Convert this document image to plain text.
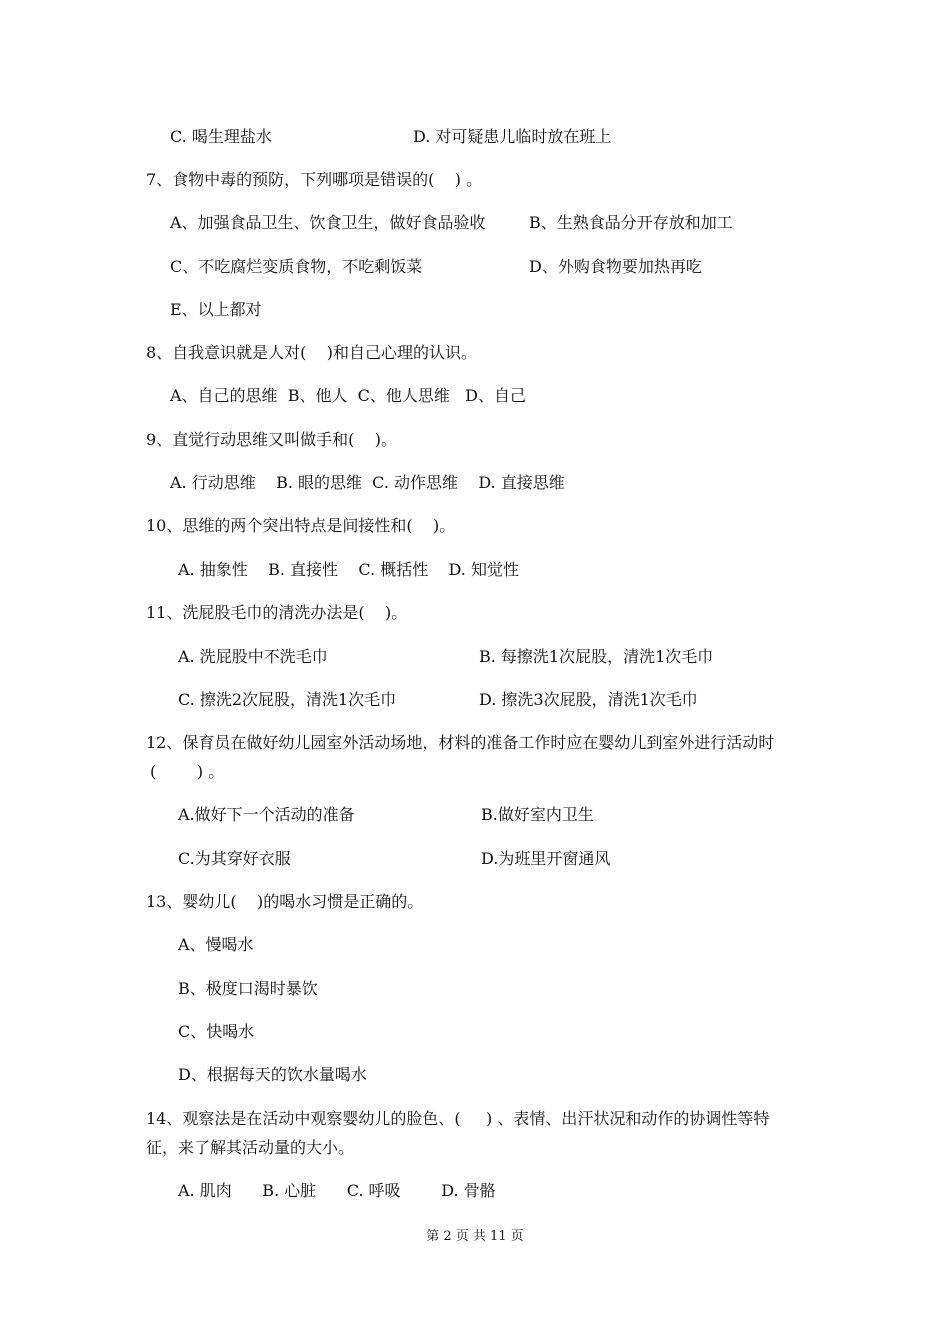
C. 喝生理盐水	D. 对可疑患儿临时放在班上
7、食物中毒的预防，下列哪项是错误的(    ) 。
A、加强食品卫生、饮食卫生，做好食品验收	B、生熟食品分开存放和加工
C、不吃腐烂变质食物，不吃剩饭菜	D、外购食物要加热再吃
E、以上都对
8、自我意识就是人对(    )和自己心理的认识。
A、自己的思维  B、他人  C、他人思维   D、自己
9、直觉行动思维又叫做手和(    )。
A. 行动思维    B. 眼的思维  C. 动作思维    D. 直接思维
10、思维的两个突出特点是间接性和(    )。
A. 抽象性    B. 直接性    C. 概括性    D. 知觉性
11、洗屁股毛巾的清洗办法是(    )。
A. 洗屁股中不洗毛巾	B. 每擦洗1次屁股，清洗1次毛巾
C. 擦洗2次屁股，清洗1次毛巾	D. 擦洗3次屁股，清洗1次毛巾
12、保育员在做好幼儿园室外活动场地，材料的准备工作时应在婴幼儿到室外进行活动时
(        ) 。
A.做好下一个活动的准备	B.做好室内卫生
C.为其穿好衣服	D.为班里开窗通风
13、婴幼儿(    )的喝水习惯是正确的。
A、慢喝水
B、极度口渴时暴饮
C、快喝水
D、根据每天的饮水量喝水
14、观察法是在活动中观察婴幼儿的脸色、(     ) 、表情、出汗状况和动作的协调性等特
征，来了解其活动量的大小。
A. 肌肉      B. 心脏      C. 呼吸        D. 骨骼
第 2 页 共 11 页
